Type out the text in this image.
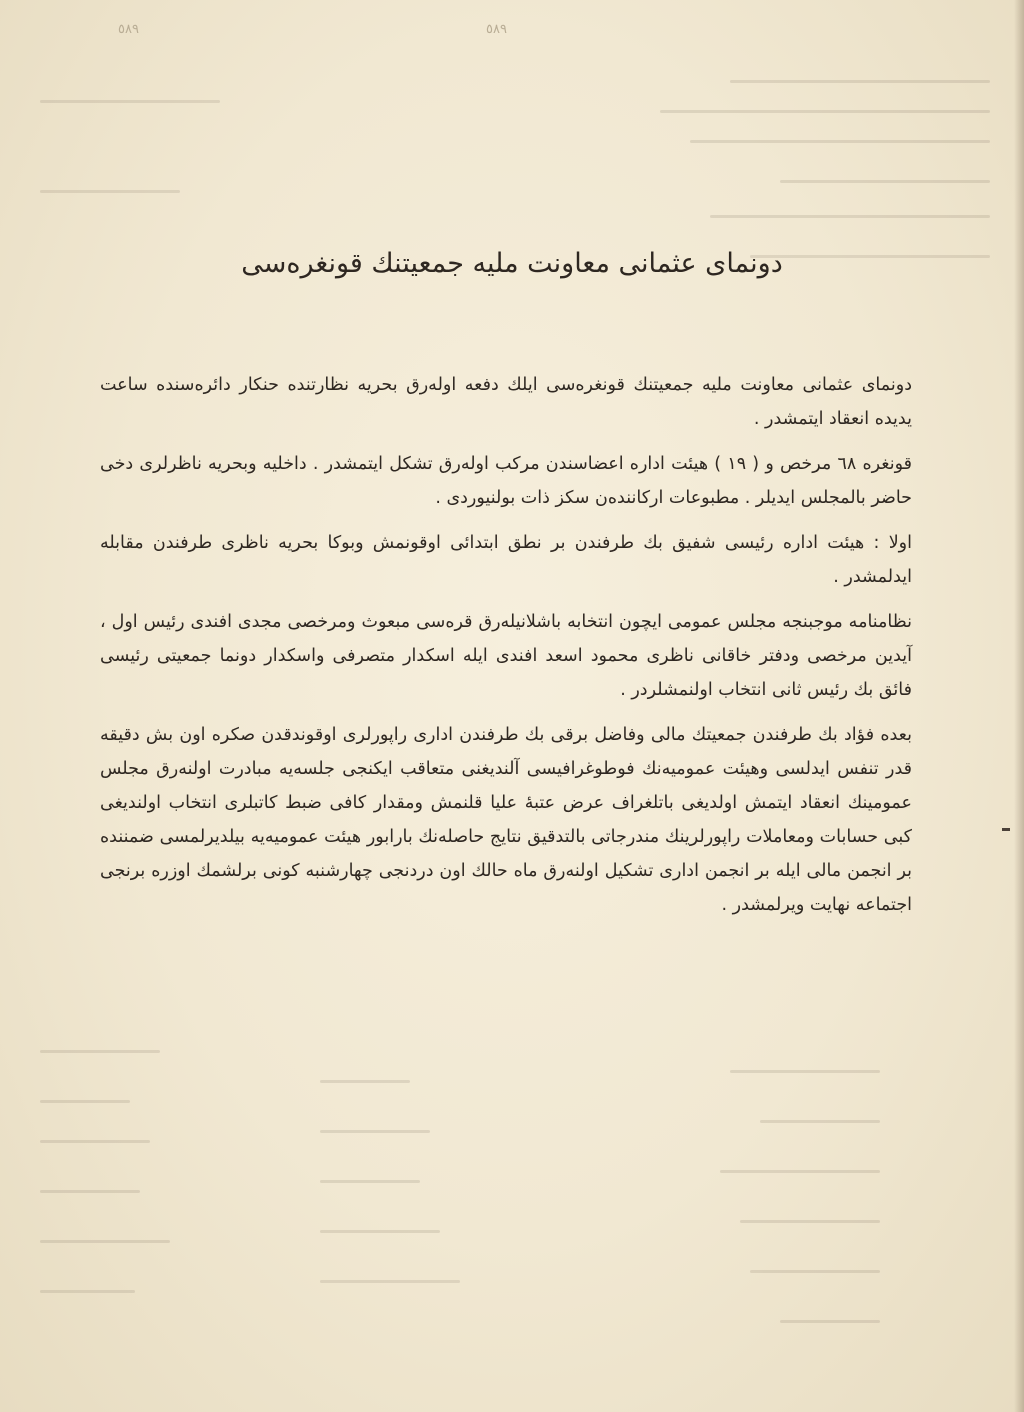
٥٨٩	٥٨٩
دونمای عثمانی معاونت ملیه جمعیتنك قونغره‌سی

دونمای عثمانی معاونت ملیه جمعیتنك قونغره‌سی ایلك دفعه اوله‌رق بحریه نظارتنده حنكار دائره‌سنده ساعت یدیده انعقاد ایتمشدر .

قونغره ٦٨ مرخص و ( ١٩ ) هیئت اداره اعضاسندن مركب اوله‌رق تشكل ایتمشدر . داخلیه وبحریه ناظرلری دخی حاضر بالمجلس ایدیلر . مطبوعات اركاننده‌ن سكز ذات بولنیوردی .

اولا : هیئت اداره رئیسی شفیق بك طرفندن بر نطق ابتدائی اوقونمش وبوكا بحریه ناظری طرفندن مقابله ایدلمشدر .

نظامنامه موجبنجه مجلس عمومی ایچون انتخابه باشلانیله‌رق قره‌سی مبعوث ومرخصی مجدی افندی رئیس اول ، آیدین مرخصی ودفتر خاقانی ناظری محمود اسعد افندی ایله اسكدار متصرفی واسكدار دونما جمعیتی رئیسی فائق بك رئیس ثانی انتخاب اولنمشلردر .

بعده فؤاد بك طرفندن جمعیتك مالی وفاضل برقی بك طرفندن اداری راپورلری اوقوندقدن صكره اون بش دقیقه قدر تنفس ایدلسی وهیئت عمومیه‌نك فوطوغرافیسی آلندیغنی متعاقب ایكنجی جلسه‌یه مبادرت اولنه‌رق مجلس عمومینك انعقاد ایتمش اولدیغی باتلغراف عرض عتبۀ علیا قلنمش ومقدار كافی ضبط كاتبلری انتخاب اولندیغی كبی حسابات ومعاملات راپورلرینك مندرجاتی بالتدقیق نتایج حاصله‌نك بارابور هیئت عمومیه‌یه بیلدیرلمسی ضمننده بر انجمن مالی ایله بر انجمن اداری تشكیل اولنه‌رق ماه حالك اون دردنجی چهارشنبه كونی برلشمك اوزره برنجی اجتماعه نهایت ویرلمشدر .
